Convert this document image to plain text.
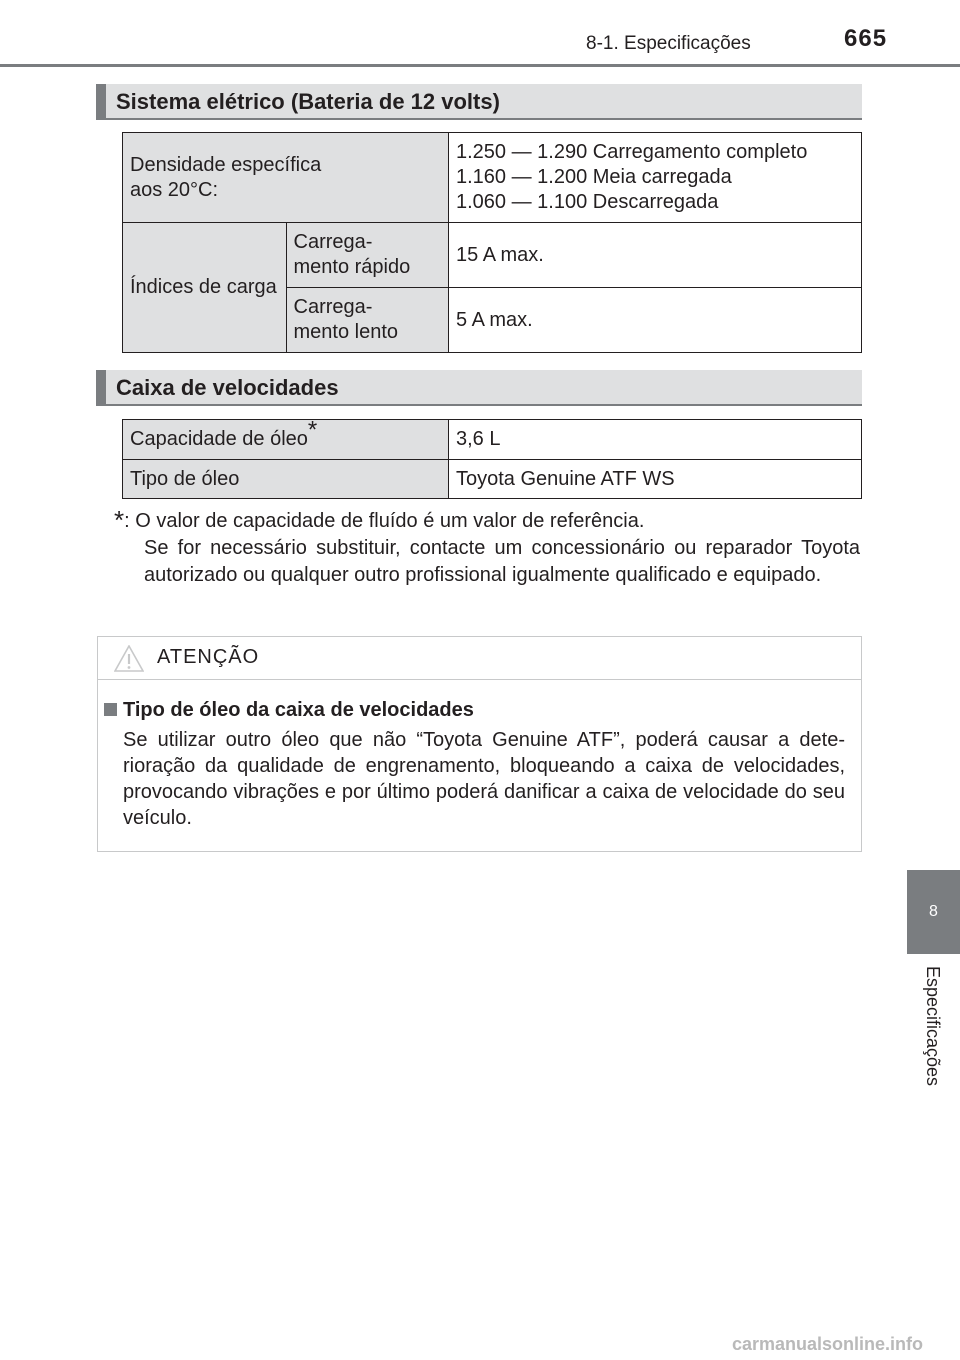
8-1. Especificações	665
Sistema elétrico (Bateria de 12 volts)
Densidade específica
aos 20°C:		1.250 — 1.290 Carregamento completo
1.160 — 1.200 Meia carregada
1.060 — 1.100 Descarregada
Índices de carga	Carrega-
mento rápido	15 A max.
	Carrega-
mento lento	5 A max.
Caixa de velocidades
Capacidade de óleo*	3,6 L
Tipo de óleo	Toyota Genuine ATF WS
*: O valor de capacidade de fluído é um valor de referência.
Se for necessário substituir, contacte um concessionário ou reparador Toyota autorizado ou qualquer outro profissional igualmente qualificado e equipado.
ATENÇÃO
Tipo de óleo da caixa de velocidades
Se utilizar outro óleo que não “Toyota Genuine ATF”, poderá causar a deterioração da qualidade de engrenamento, bloqueando a caixa de velocidades, provocando vibrações e por último poderá danificar a caixa de velocidade do seu veículo.
8
Especificações
carmanualsonline.info
